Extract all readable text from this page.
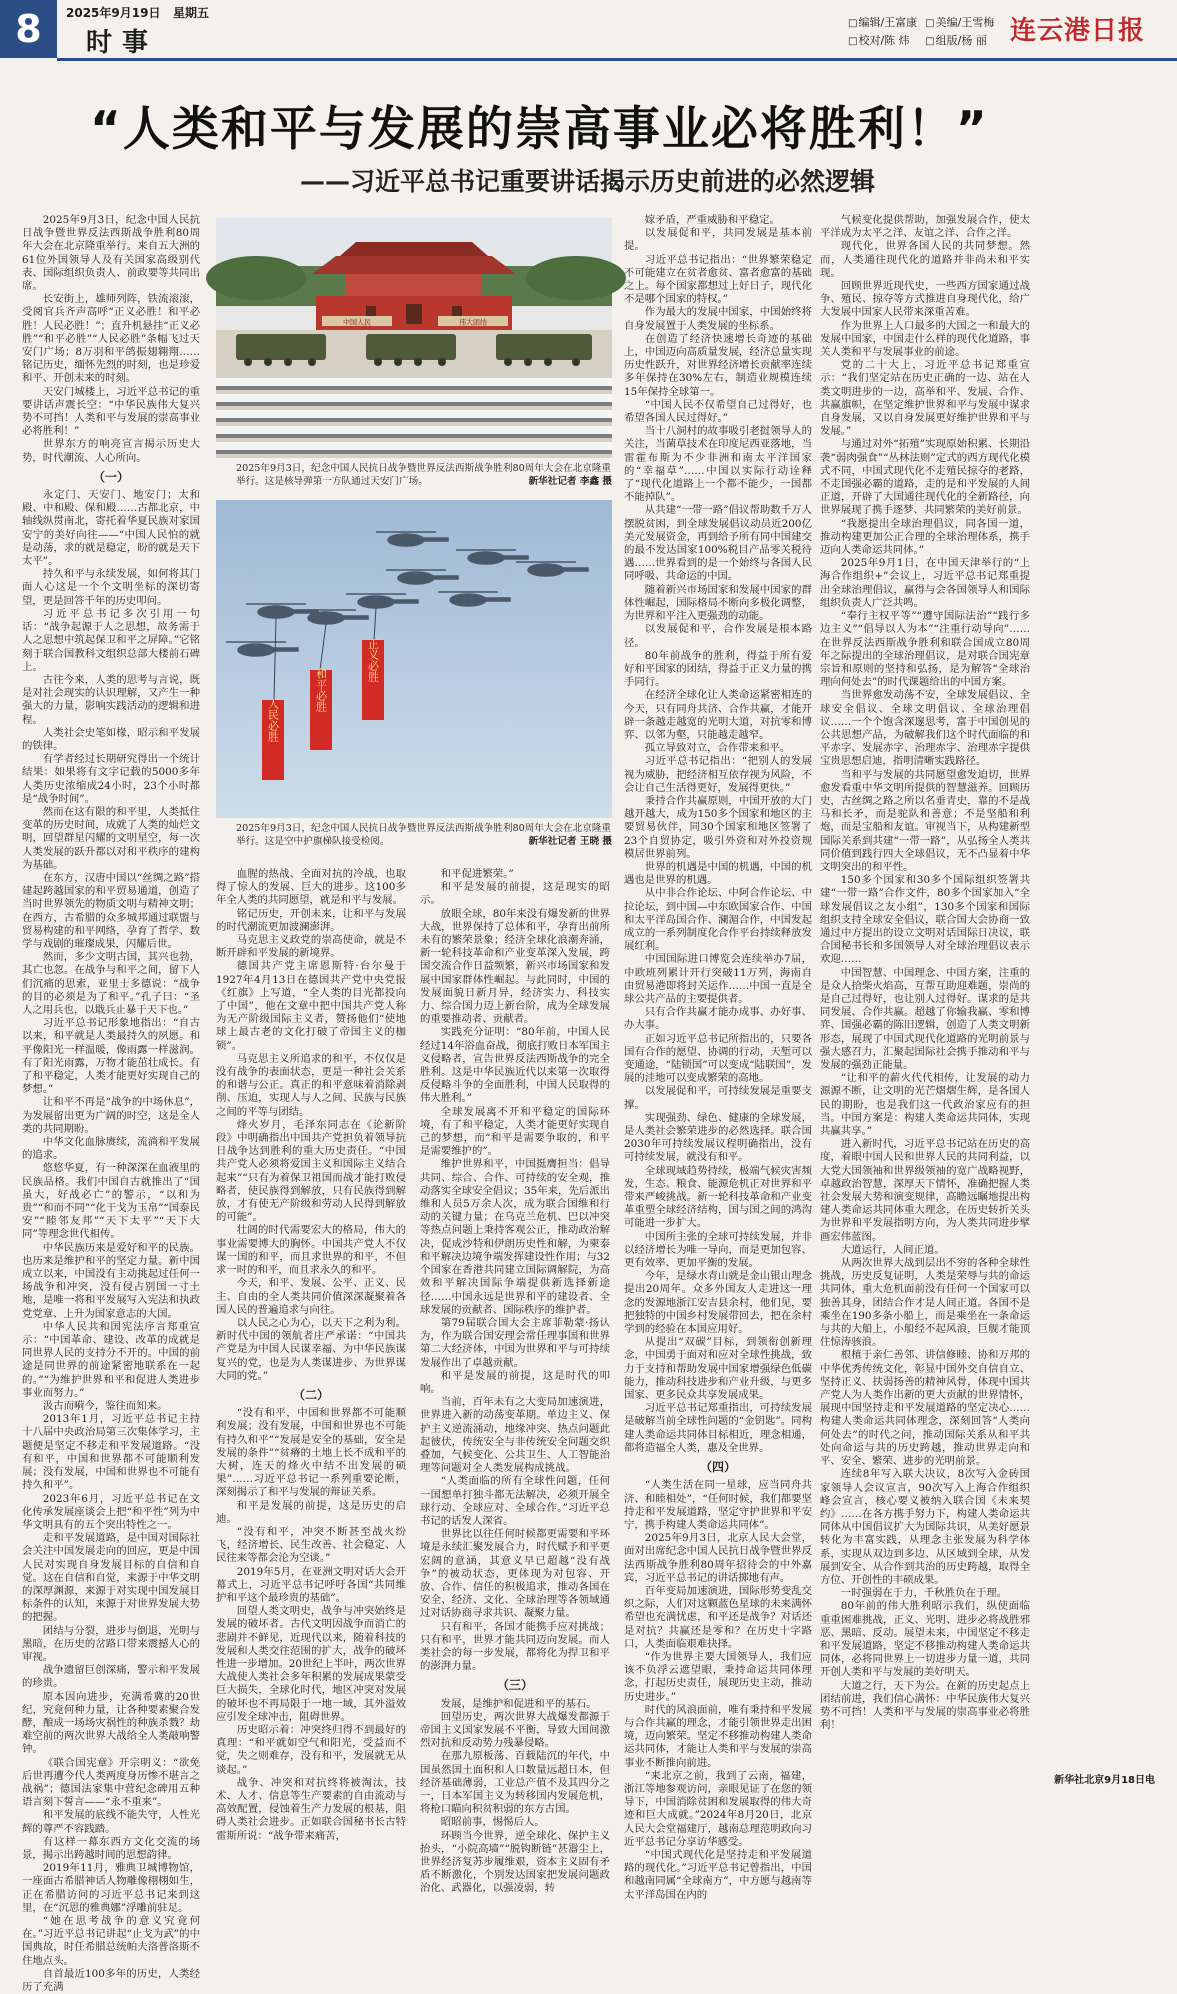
8	2025年9月19日 星期五
时事
□ 编辑/王富康	□ 美编/王雪梅
□ 校对/陈 炜	□ 组版/杨 丽 连云港日报
“人类和平与发展的崇高事业必将胜利！”
——习近平总书记重要讲话揭示历史前进的必然逻辑

2025年9月3日，纪念中国人民抗日战争暨世界反法西斯战争胜利80周年大会在北京隆重举行。来自五大洲的61位外国领导人及有关国家高级别代表、国际组织负责人、前政要等共同出席。

长安街上，雄师列阵，铁流滚滚，受阅官兵齐声高呼“正义必胜！和平必胜！人民必胜！”；直升机悬挂“正义必胜”“和平必胜”“人民必胜”条幅飞过天安门广场；8万羽和平鸽振翅翱翔……铭记历史，缅怀先烈的时刻，也是珍爱和平、开创未来的时刻。

天安门城楼上，习近平总书记的重要讲话声震长空：“中华民族伟大复兴势不可挡！人类和平与发展的崇高事业必将胜利！”

世界东方的响亮宣言揭示历史大势，时代潮流、人心所向。

（一）

永定门、天安门、地安门；太和殿、中和殿、保和殿……古都北京，中轴线纵贯南北，寄托着华夏民族对家国安宁的美好向往——“中国人民怕的就是动荡，求的就是稳定，盼的就是天下太平”。

持久和平与永续发展，如何将其门面人心这是一个个文明坐标的深切寄望，更是回答千年的历史叩问。

习近平总书记多次引用一句话：“战争起源于人之思想，故务需于人之思想中筑起保卫和平之屏障。”它铭刻于联合国教科文组织总部大楼前石碑上。

古往今来，人类的思考与言说，既是对社会现实的认识理解，又产生一种强大的力量，影响实践活动的逻辑和进程。

人类社会史笔如椽，昭示和平发展的铁律。

有学者经过长期研究得出一个统计结果：如果将有文字记载的5000多年人类历史浓缩成24小时，23个小时都是“战争时间”。

然而在这有限的和平里，人类抵住变革的历史时间，成就了人类的灿烂文明，回望群星闪耀的文明星空，每一次人类发展的跃升都以对和平秩序的建构为基础。

在东方，汉唐中国以“丝绸之路”搭建起跨越国家的和平贸易通道，创造了当时世界领先的物质文明与精神文明；在西方，古希腊的众多城邦通过联盟与贸易构建的和平网络，孕育了哲学、数学与戏剧的璀璨成果，闪耀后世。

然而，多少文明古国，其兴也勃，其亡也忽。在战争与和平之间，留下人们沉痛的思索，亚里士多德说：“战争的目的必须是为了和平。”孔子曰：“圣人之用兵也，以戢兵止暴于天下也。”

习近平总书记形象地指出：“自古以来，和平就是人类最持久的夙愿。和平像阳光一样温暖，像雨露一样滋润。有了阳光雨露，万物才能茁壮成长。有了和平稳定，人类才能更好实现自己的梦想。”

让和平不再是“战争的中场休息”，为发展留出更为广阔的时空，这是全人类的共同期盼。

中华文化血脉赓续，流淌和平发展的追求。

悠悠华夏，有一种深深在血液里的民族品格。我们中国自古就推出了“国虽大，好战必亡”的警示，“以和为贵”“和而不同”“化干戈为玉帛”“国泰民安”“睦邻友邦”“天下太平”“天下大同”等理念世代相传。

中华民族历来是爱好和平的民族。也历来是维护和平的坚定力量。新中国成立以来，中国没有主动挑起过任何一场战争和冲突，没有侵占别国一寸土地，是唯一将和平发展写入宪法和执政党党章、上升为国家意志的大国。

中华人民共和国宪法序言郑重宣示：“中国革命、建设、改革的成就是同世界人民的支持分不开的。中国的前途是同世界的前途紧密地联系在一起的。”“为维护世界和平和促进人类进步事业而努力。”

汲古而嗬今，鉴往而知来。

2013年1月，习近平总书记主持十八届中央政治局第三次集体学习，主题便是坚定不移走和平发展道路。“没有和平，中国和世界都不可能顺利发展；没有发展，中国和世界也不可能有持久和平”。

2023年6月，习近平总书记在文化传承发展座谈会上把“和平性”列为中华文明具有的五个突出特性之一。

走和平发展道路，是中国对国际社会关注中国发展走向的回应，更是中国人民对实现自身发展目标的自信和自觉。这在自信和自觉，来源于中华文明的深厚渊源，来源于对实现中国发展目标条件的认知，来源于对世界发展大势的把握。

团结与分裂，进步与倒退，光明与黑暗，在历史的岔路口带来震撼人心的审视。

战争遗留巨创深痛，警示和平发展的珍贵。

原本因向进步，充满希冀的20世纪，究竟何种力量，让各种要素聚合发酵，酿成一场场灾祸性的种族杀戮？劫难空前的两次世界大战给全人类敲响警钟。

《联合国宪章》开宗明义：“欲免后世再遭今代人类两度身历惨不堪言之战祸”；德国法家集中营纪念碑用五种语言刻下誓言——“永不重来”。

和平发展的底线不能失守，人性光辉的尊严不容践踏。

有这样一幕东西方文化交流的场景，揭示出跨越时间的思想韵律。

2019年11月，雅典卫城博物馆，一座面古希腊神话人物雕像栩栩如生，正在希腊访问的习近平总书记来到这里，在“沉思的雅典娜”浮雕前驻足。

“她在思考战争的意义究竟何在。”习近平总书记讲起“止戈为武”的中国典故，时任希腊总统帕夫洛普洛斯不住地点头。

自首最近100多年的历史，人类经历了充满

中国人民	伟大团结
2025年9月3日，纪念中国人民抗日战争暨世界反法西斯战争胜利80周年大会在北京隆重举行。这是核导弹第一方队通过天安门广场。	新华社记者 李鑫 摄
正义必胜
和平必胜
人民必胜
2025年9月3日，纪念中国人民抗日战争暨世界反法西斯战争胜利80周年大会在北京隆重举行。这是空中护旗梯队接受检阅。	新华社记者 王晓 摄

血腥的热战、全面对抗的冷战，也取得了惊人的发展、巨大的进步。这100多年全人类的共同愿望，就是和平与发展。

铭记历史，开创未来，让和平与发展的时代潮流更加波澜澎湃。

马克思主义政党的崇高使命，就是不断开辟和平发展的新境界。

德国共产党主席恩斯特·台尔曼于1927年4月13日在德国共产党中央党报《红旗》上写道，“全人类的目光都投向了中国”，他在文章中把中国共产党人称为无产阶级国际主义者，赞扬他们“使地球上最古老的文化打破了帝国主义的枷锁”。

马克思主义所追求的和平，不仅仅是没有战争的表面状态，更是一种社会关系的和谐与公正。真正的和平意味着消除剥削、压迫，实现人与人之间、民族与民族之间的平等与团结。

烽火岁月，毛泽东同志在《论新阶段》中明确指出中国共产党担负着领导抗日战争达到胜利的重大历史责任。“中国共产党人必须将爱国主义和国际主义结合起来”“只有为着保卫祖国而战才能打败侵略者，使民族得到解放，只有民族得到解放，才有使无产阶级和劳动人民得到解放的可能”。

壮阔的时代需要宏大的格局，伟大的事业需要博大的胸怀。中国共产党人不仅谋一国的和平，而且求世界的和平，不但求一时的和平，而且求永久的和平。

今天，和平、发展、公平、正义、民主、自由的全人类共同价值深深凝聚着各国人民的普遍追求与向往。

以人民之心为心，以天下之利为利。新时代中国的领航者庄严承诺：“中国共产党是为中国人民谋幸福、为中华民族谋复兴的党，也是为人类谋进步、为世界谋大同的党。”

（二）

“没有和平，中国和世界都不可能顺利发展；没有发展，中国和世界也不可能有持久和平”“发展是安全的基础，安全是发展的条件”“贫瘠的土地上长不成和平的大树，连天的烽火中结不出发展的硕果”……习近平总书记一系列重要论断，深刻揭示了和平与发展的辩证关系。

和平是发展的前提，这是历史的启迪。

“没有和平，冲突不断甚至战火纷飞，经济增长、民生改善、社会稳定、人民往来等都会沦为空谈。”

2019年5月，在亚洲文明对话大会开幕式上，习近平总书记呼吁各国“共同维护和平这个最珍贵的基础”。

回望人类文明史，战争与冲突始终是发展的破坏者。古代文明因战争而消亡的悲剧并不鲜见，近现代以来，随着科技的发展和人类交往范围的扩大，战争的破坏性进一步增加。20世纪上半叶，两次世界大战使人类社会多年积累的发展成果蒙受巨大损失，全球化时代，地区冲突对发展的破坏也不再局限于一地一域，其外溢效应引发全球冲击，阻碍世界。

历史昭示着：冲突终归得不到最好的真理：“和平就如空气和阳光，受益而不觉，失之则难存，没有和平，发展就无从谈起。”

战争、冲突和对抗终将被淘汰，技术、人才、信息等生产要素的自由流动与高效配置，侵蚀着生产力发展的根基，阻碍人类社会进步。正如联合国秘书长古特雷斯所说：“战争带来痛苦，

和平促进繁荣。”

和平是发展的前提，这是现实的昭示。

放眼全球，80年来没有爆发新的世界大战，世界保持了总体和平，孕育出前所未有的繁荣景象；经济全球化浪潮奔涌，新一轮科技革命和产业变革深入发展，跨国交流合作日益频繁，新兴市场国家和发展中国家群体性崛起。与此同时，中国的发展面貌日新月异，经济实力、科技实力、综合国力迈上新台阶，成为全球发展的重要推动者、贡献者。

实践充分证明：“80年前，中国人民经过14年浴血奋战，彻底打败日本军国主义侵略者，宣告世界反法西斯战争的完全胜利。这是中华民族近代以来第一次取得反侵略斗争的全面胜利，中国人民取得的伟大胜利。”

全球发展离不开和平稳定的国际环境，有了和平稳定，人类才能更好实现自己的梦想，而“和平是需要争取的，和平是需要维护的”。

维护世界和平，中国挺膺担当：倡导共同、综合、合作、可持续的安全观，推动落实全球安全倡议；35年来，先后派出维和人员5万余人次，成为联合国维和行动的关键力量；在乌克兰危机、巴以冲突等热点问题上秉持客观公正，推动政治解决，促成沙特和伊朗历史性和解，为柬泰和平解决边境争端发挥建设性作用；与32个国家在香港共同建立国际调解院，为高效和平解决国际争端提供新选择新途径……中国永远是世界和平的建设者、全球发展的贡献者、国际秩序的维护者。

第79届联合国大会主席菲勒蒙·扬认为，作为联合国安理会常任理事国和世界第二大经济体，中国为世界和平与可持续发展作出了卓越贡献。

和平是发展的前提，这是时代的叩响。

当前，百年未有之大变局加速演进，世界进入新的动荡变革期。单边主义、保护主义逆流涌动，地缘冲突、热点问题此起彼伏，传统安全与非传统安全问题交织叠加，气候变化、公共卫生、人工智能治理等问题对全人类发展构成挑战。

“人类面临的所有全球性问题，任何一国想单打独斗都无法解决，必须开展全球行动、全球应对、全球合作。”习近平总书记的话发人深省。

世界比以往任何时候都更需要和平环境是永续汇聚发展合力，时代赋予和平更宏阔的意涵，其意义早已超越“没有战争”的被动状态，更体现为对包容、开放、合作、信任的积极追求，推动各国在安全、经济、文化、全球治理等各领域通过对话协商寻求共识、凝聚力量。

只有和平，各国才能携手应对挑战；只有和平，世界才能共同迈向发展。而人类社会的每一步发展，都将化为捍卫和平的澎湃力量。

（三）

发展，是维护和促进和平的基石。

回望历史，两次世界大战爆发都源于帝国主义国家发展不平衡，导致大国间激烈对抗和反动势力残暴侵略。

在那九原板荡、百载陆沉的年代，中国虽然国土面积和人口数量远超日本，但经济基础薄弱，工业总产值不及其四分之一，日本军国主义为转移国内发展危机，将枪口瞄向积贫积弱的东方古国。

昭昭前事，惕惕后人。

环顾当今世界，逆全球化、保护主义抬头，“小院高墙”“脱钩断链”甚嚣尘上，世界经济复苏步履维艰，资本主义固有矛盾不断激化，个别发达国家把发展问题政治化、武器化，以强凌弱，转

嫁矛盾，严重威胁和平稳定。

以发展促和平，共同发展是基本前提。

习近平总书记指出：“世界繁荣稳定不可能建立在贫者愈贫、富者愈富的基础之上。每个国家都想过上好日子，现代化不是哪个国家的特权。”

作为最大的发展中国家，中国始终将自身发展置于人类发展的坐标系。

在创造了经济快速增长奇迹的基础上，中国迈向高质量发展，经济总量实现历史性跃升，对世界经济增长贡献率连续多年保持在30%左右，制造业规模连续15年保持全球第一。

“中国人民不仅希望自己过得好，也希望各国人民过得好。”

当十八洞村的故事吸引老挝领导人的关注，当菌草技术在印度尼西亚落地，当雷霍布斯为不少非洲和南太平洋国家的“幸福草”……中国以实际行动诠释了“现代化道路上一个都不能少，一国都不能掉队”。

从共建“一带一路”倡议帮助数千万人摆脱贫困，到全球发展倡议动员近200亿美元发展资金，再到给予所有同中国建交的最不发达国家100%税目产品零关税待遇……世界看到的是一个始终与各国人民同呼吸、共命运的中国。

随着新兴市场国家和发展中国家的群体性崛起，国际格局不断向多极化调整，为世界和平注入更强劲的动能。

以发展促和平，合作发展是根本路径。

80年前战争的胜利，得益于所有爱好和平国家的团结，得益于正义力量的携手同行。

在经济全球化让人类命运紧密相连的今天，只有同舟共济、合作共赢，才能开辟一条越走越宽的光明大道，对抗零和博弈、以邻为壑，只能越走越窄。

孤立导致对立，合作带来和平。

习近平总书记指出：“把别人的发展视为威胁，把经济相互依存视为风险，不会让自己生活得更好，发展得更快。”

秉持合作共赢原则，中国开放的大门越开越大，成为150多个国家和地区的主要贸易伙伴，同30个国家和地区签署了23个自贸协定，吸引外资和对外投资规模居世界前列。

世界的机遇是中国的机遇，中国的机遇也是世界的机遇。

从中非合作论坛、中阿合作论坛、中拉论坛，到中国—中东欧国家合作、中国和太平洋岛国合作、澜湄合作，中国发起成立的一系列制度化合作平台持续释放发展红利。

中国国际进口博览会连续举办7届，中欧班列累计开行突破11万列，海南自由贸易港即将封关运作……中国一直是全球公共产品的主要提供者。

只有合作共赢才能办成事、办好事、办大事。

正如习近平总书记所指出的，只要各国有合作的愿望、协调的行动，天堑可以变通途，“陆锁国”可以变成“陆联国”，发展的洼地可以变成繁荣的高地。

以发展促和平，可持续发展是重要支撑。

实现强劲、绿色、健康的全球发展，是人类社会繁荣进步的必然选择。联合国2030年可持续发展议程明确指出，没有可持续发展，就没有和平。

全球现域趋势持续，极端气候灾害频发，生态、粮食、能源危机正对世界和平带来严峻挑战。新一轮科技革命和产业变革重塑全球经济结构，国与国之间的鸿沟可能进一步扩大。

中国所主张的全球可持续发展，并非以经济增长为唯一导向，而是更加包容、更有效率、更加平衡的发展。

今年，是绿水青山就是金山银山理念提出20周年。众多外国友人走进这一理念的发源地浙江安吉县余村，他们见，要把独特的中国乡村发展带回去，把在余村学到的经验在本国应用好。

从提出“双碳”目标，到领衔创新理念，中国勇于面对和应对全球性挑战，致力于支持和帮助发展中国家增强绿色低碳能力，推动科技进步和产业升级，与更多国家、更多民众共享发展成果。

习近平总书记郑重指出，可持续发展是破解当前全球性问题的“金钥匙”。同构建人类命运共同体目标相近，理念相通，都将造福全人类，惠及全世界。

（四）

“人类生活在同一星球，应当同舟共济、和睦相处”，“任何时候，我们都要坚持走和平发展道路，坚定守护世界和平安宁，携手构建人类命运共同体”。

2025年9月3日，北京人民大会堂，面对出席纪念中国人民抗日战争暨世界反法西斯战争胜利80周年招待会的中外嘉宾，习近平总书记的讲话掷地有声。

百年变局加速演进，国际形势变乱交织之际，人们对这颗蓝色星球的未来满怀希望也充满忧虑，和平还是战争？对话还是对抗？共赢还是零和？在历史十字路口，人类面临艰难抉择。

“作为世界主要大国领导人，我们应该不负浮云遮望眼，秉持命运共同体理念，打起历史责任，展现历史主动，推动历史进步。”

时代的风浪面前，唯有秉持和平发展与合作共赢的理念，才能引领世界走出困境，迈向繁荣。坚定不移推动构建人类命运共同体，才能让人类和平与发展的崇高事业不断推向前进。

“来北京之前，我到了云南，福建，浙江等地参观访问，亲眼见证了在您的领导下，中国消除贫困和发展取得的伟大奇迹和巨大成就。”2024年8月20日，北京人民大会堂福建厅，越南总理范明政向习近平总书记分享访华感受。

“中国式现代化是坚持走和平发展道路的现代化。”习近平总书记曾指出，中国和越南同属“全球南方”，中方愿与越南等太平洋岛国在内的

气候变化提供帮助，加强发展合作，使太平洋成为太平之洋、友谊之洋、合作之洋。

现代化，世界各国人民的共同梦想。然而，人类通往现代化的道路并非尚未和平实现。

回顾世界近现代史，一些西方国家通过战争、殖民、掠夺等方式推进自身现代化，给广大发展中国家人民带来深重苦难。

作为世界上人口最多的大国之一和最大的发展中国家，中国走什么样的现代化道路，事关人类和平与发展事业的前途。

党的二十大上，习近平总书记郑重宣示：“我们坚定站在历史正确的一边、站在人类文明进步的一边，高举和平、发展、合作、共赢旗帜，在坚定维护世界和平与发展中谋求自身发展，又以自身发展更好维护世界和平与发展。”

与通过对外“拓殖”实现原始积累、长期沿袭“弱肉强食”“丛林法则”定式的西方现代化模式不同，中国式现代化不走殖民掠夺的老路，不走国强必霸的道路，走的是和平发展的人间正道，开辟了大国通往现代化的全新路径，向世界展现了携手逐梦、共同繁荣的美好前景。

“我愿提出全球治理倡议，同各国一道，推动构建更加公正合理的全球治理体系，携手迈向人类命运共同体。”

2025年9月1日，在中国天津举行的“上海合作组织+”会议上，习近平总书记郑重提出全球治理倡议，赢得与会各国领导人和国际组织负责人广泛共鸣。

“奉行主权平等”“遵守国际法治”“践行多边主义”“倡导以人为本”“注重行动导向”……在世界反法西斯战争胜利和联合国成立80周年之际提出的全球治理倡议，是对联合国宪章宗旨和原则的坚持和弘扬，是为解答“全球治理向何处去”的时代课题给出的中国方案。

当世界愈发动荡不安，全球发展倡议、全球安全倡议、全球文明倡议、全球治理倡议……一个个饱含深邃思考，富于中国创见的公共思想产品，为破解我们这个时代面临的和平赤字、发展赤字、治理赤字、治理赤字提供宝贵思想启迪，指明清晰实践路径。

当和平与发展的共同愿望愈发迫切，世界愈发看重中华文明所提供的智慧滋养。回顾历史，古丝绸之路之所以名垂青史，靠的不是战马和长矛，而是驼队和善意；不是坚船和利炮，而是宝船和友谊。审视当下，从构建新型国际关系到共建“一带一路”，从弘扬全人类共同价值到践行四大全球倡议，无不凸显着中华文明突出的和平性。

150多个国家和30多个国际组织签署共建“一带一路”合作文件，80多个国家加入“全球发展倡议之友小组”，130多个国家和国际组织支持全球安全倡议，联合国大会协商一致通过中方提出的设立文明对话国际日决议，联合国秘书长和多国领导人对全球治理倡议表示欢迎……

中国智慧、中国理念、中国方案，注重的是众人拾柴火焰高，互帮互助迎难题，崇尚的是自己过得好，也让别人过得好。谋求的是共同发展、合作共赢。超越了你输我赢、零和博弈、国强必霸的陈旧逻辑，创造了人类文明新形态，展现了中国式现代化道路的光明前景与强大感召力，汇聚起国际社会携手推动和平与发展的强劲正能量。

“让和平的薪火代代相传，让发展的动力源源不断，让文明的光芒熠熠生辉，是各国人民的期盼，也是我们这一代政治家应有的担当。中国方案是：构建人类命运共同体，实现共赢共享。”

进入新时代，习近平总书记站在历史的高度，着眼中国人民和世界人民的共同利益，以大党大国领袖和世界级领袖的宽广战略视野，卓越政治智慧，深厚天下情怀，准确把握人类社会发展大势和演变规律，高瞻远瞩地提出构建人类命运共同体重大理念，在历史转折关头为世界和平发展指明方向，为人类共同进步擘画宏伟蓝图。

大道运行，人间正道。

从两次世界大战到层出不穷的各种全球性挑战，历史反复证明，人类是荣辱与共的命运共同体，重大危机面前没有任何一个国家可以独善其身，团结合作才是人间正道。各国不是乘坐在190多条小船上，而是乘坐在一条命运与共的大船上，小船经不起风浪，巨舰才能顶住惊涛骇浪。

根植于亲仁善邻、讲信修睦、协和万邦的中华优秀传统文化，彰显中国外交自信自立、坚持正义、扶弱扬善的精神风骨，体现中国共产党人为人类作出新的更大贡献的世界情怀，展现中国坚持走和平发展道路的坚定决心……构建人类命运共同体理念，深刻回答“人类向何处去”的时代之问，推动国际关系从和平共处向命运与共的历史跨越，推动世界走向和平、安全、繁荣、进步的光明前景。

连续8年写入联大决议，8次写入金砖国家领导人会议宣言，90次写入上海合作组织峰会宣言，核心要义被纳入联合国《未来契约》……在各方携手努力下，构建人类命运共同体从中国倡议扩大为国际共识，从美好愿景转化为丰富实践，从理念主张发展为科学体系，实现从双边到多边、从区域到全球，从发展到安全、从合作到共治的历史跨越，取得全方位、开创性的丰硕成果。

一时强弱在于力，千秋胜负在于理。

80年前的伟大胜利昭示我们，纵使面临重重困难挑战，正义、光明、进步必将战胜邪恶、黑暗、反动。展望未来，中国坚定不移走和平发展道路，坚定不移推动构建人类命运共同体，必将同世界上一切进步力量一道，共同开创人类和平与发展的美好明天。

大道之行，天下为公。在新的历史起点上团结前进，我们信心满怀：中华民族伟大复兴势不可挡！人类和平与发展的崇高事业必将胜利！

新华社北京9月18日电
